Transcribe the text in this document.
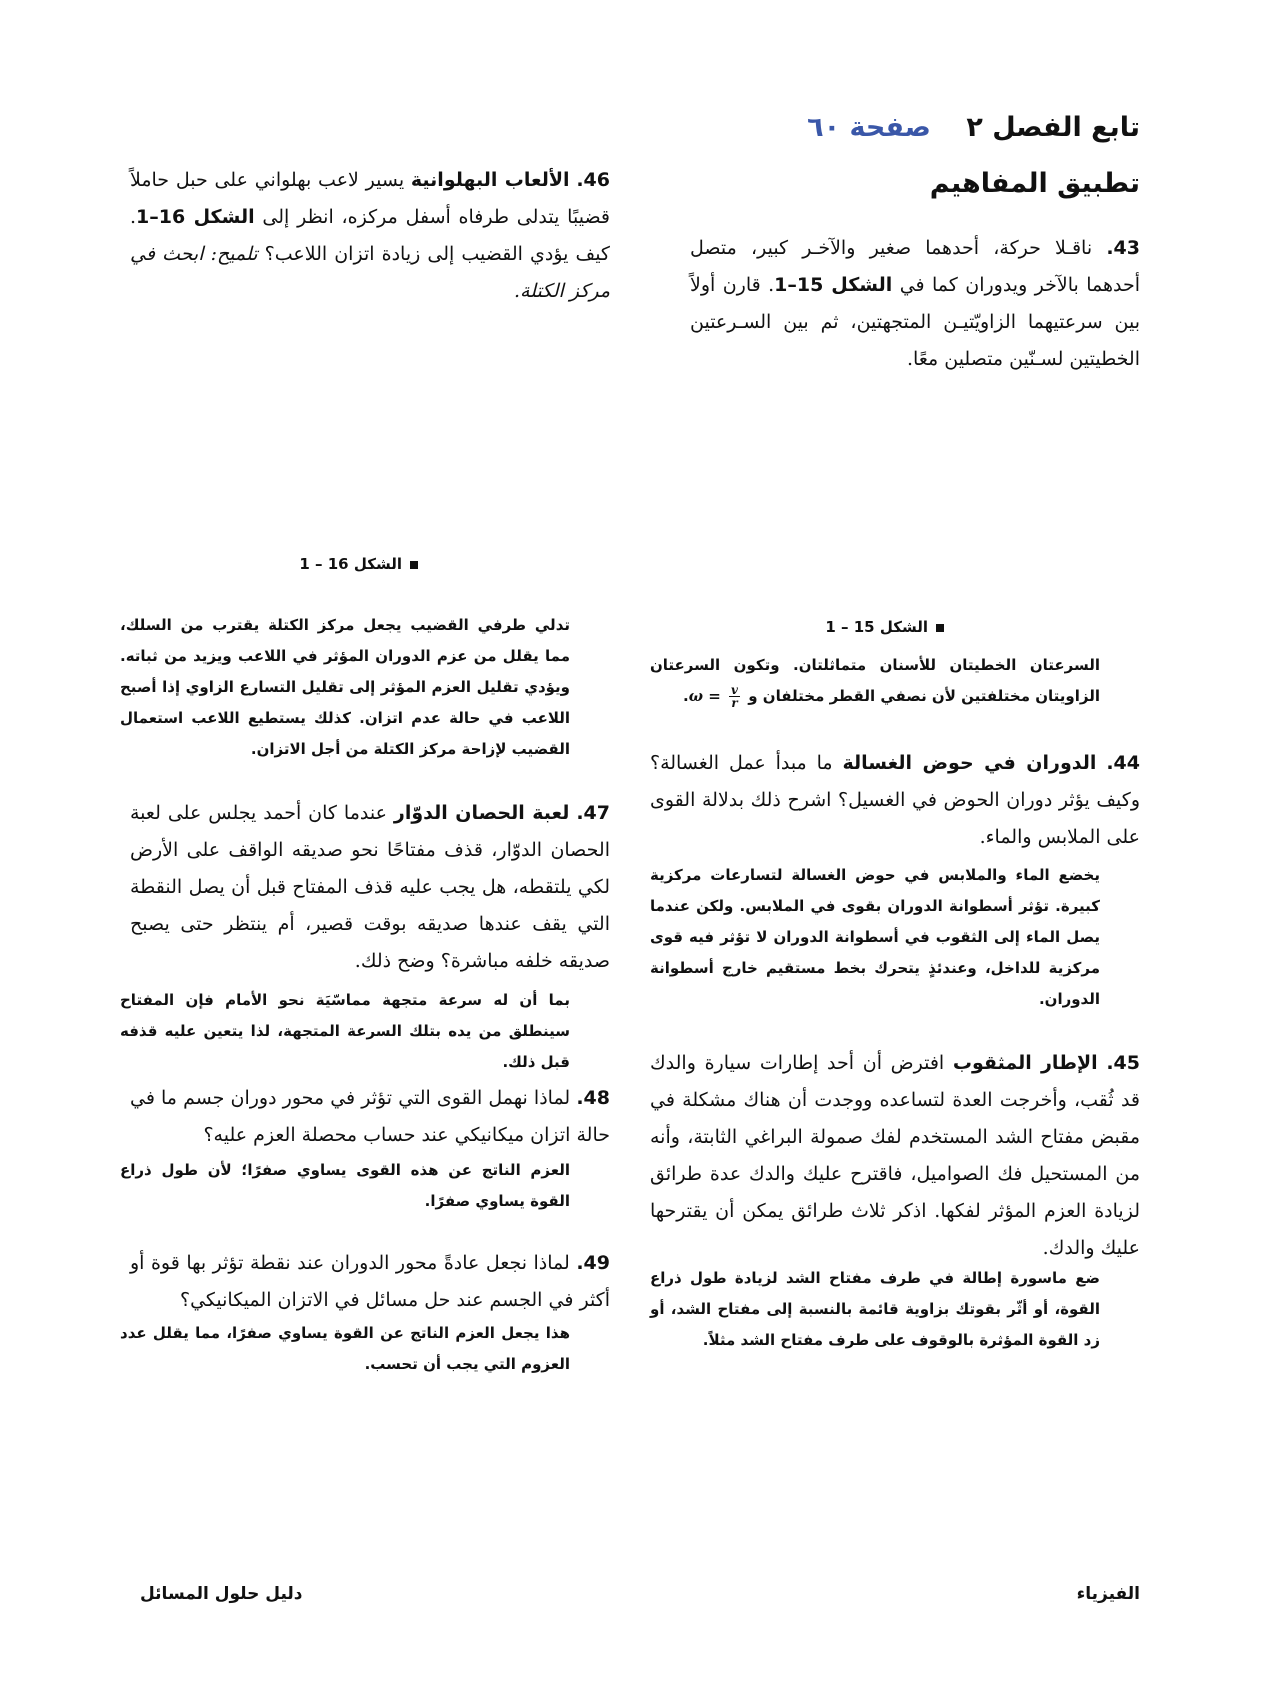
تابع الفصل ٢ صفحة ٦٠
تطبيق المفاهيم
43. ناقـلا حركة، أحدهما صغير والآخـر كبير، متصل أحدهما بالآخر ويدوران كما في الشكل 15–1. قارن أولاً بين سرعتيهما الزاويّتيـن المتجهتين، ثم بين السـرعتين الخطيتين لسـنّين متصلين معًا.
الشكل 15 – 1
السرعتان الخطيتان للأسنان متماثلتان. وتكون السرعتان الزاويتان مختلفتين لأن نصفي القطر مختلفان و
$\frac{v}{r}$
= ω.
44. الدوران في حوض الغسالة ما مبدأ عمل الغسالة؟ وكيف يؤثر دوران الحوض في الغسيل؟ اشرح ذلك بدلالة القوى على الملابس والماء.
يخضع الماء والملابس في حوض الغسالة لتسارعات مركزية كبيرة. تؤثر أسطوانة الدوران بقوى في الملابس. ولكن عندما يصل الماء إلى الثقوب في أسطوانة الدوران لا تؤثر فيه قوى مركزية للداخل، وعندئذٍ يتحرك بخط مستقيم خارج أسطوانة الدوران.
45. الإطار المثقوب افترض أن أحد إطارات سيارة والدك قد ثُقب، وأخرجت العدة لتساعده ووجدت أن هناك مشكلة في مقبض مفتاح الشد المستخدم لفك صمولة البراغي الثابتة، وأنه من المستحيل فك الصواميل، فاقترح عليك والدك عدة طرائق لزيادة العزم المؤثر لفكها. اذكر ثلاث طرائق يمكن أن يقترحها عليك والدك.
ضع ماسورة إطالة في طرف مفتاح الشد لزيادة طول ذراع القوة، أو أثّر بقوتك بزاوية قائمة بالنسبة إلى مفتاح الشد، أو زد القوة المؤثرة بالوقوف على طرف مفتاح الشد مثلاً.
46. الألعاب البهلوانية يسير لاعب بهلواني على حبل حاملاً قضيبًا يتدلى طرفاه أسفل مركزه، انظر إلى الشكل 16–1. كيف يؤدي القضيب إلى زيادة اتزان اللاعب؟ تلميح: ابحث في مركز الكتلة.
الشكل 16 – 1
تدلي طرفي القضيب يجعل مركز الكتلة يقترب من السلك، مما يقلل من عزم الدوران المؤثر في اللاعب ويزيد من ثباته. ويؤدي تقليل العزم المؤثر إلى تقليل التسارع الزاوي إذا أصبح اللاعب في حالة عدم اتزان. كذلك يستطيع اللاعب استعمال القضيب لإزاحة مركز الكتلة من أجل الاتزان.
47. لعبة الحصان الدوّار عندما كان أحمد يجلس على لعبة الحصان الدوّار، قذف مفتاحًا نحو صديقه الواقف على الأرض لكي يلتقطه، هل يجب عليه قذف المفتاح قبل أن يصل النقطة التي يقف عندها صديقه بوقت قصير، أم ينتظر حتى يصبح صديقه خلفه مباشرة؟ وضح ذلك.
بما أن له سرعة متجهة مماسّيَة نحو الأمام فإن المفتاح سينطلق من يده بتلك السرعة المتجهة، لذا يتعين عليه قذفه قبل ذلك.
48. لماذا نهمل القوى التي تؤثر في محور دوران جسم ما في حالة اتزان ميكانيكي عند حساب محصلة العزم عليه؟
العزم الناتج عن هذه القوى يساوي صفرًا؛ لأن طول ذراع القوة يساوي صفرًا.
49. لماذا نجعل عادةً محور الدوران عند نقطة تؤثر بها قوة أو أكثر في الجسم عند حل مسائل في الاتزان الميكانيكي؟
هذا يجعل العزم الناتج عن القوة يساوي صفرًا، مما يقلل عدد العزوم التي يجب أن تحسب.
الفيزياء
دليل حلول المسائل
